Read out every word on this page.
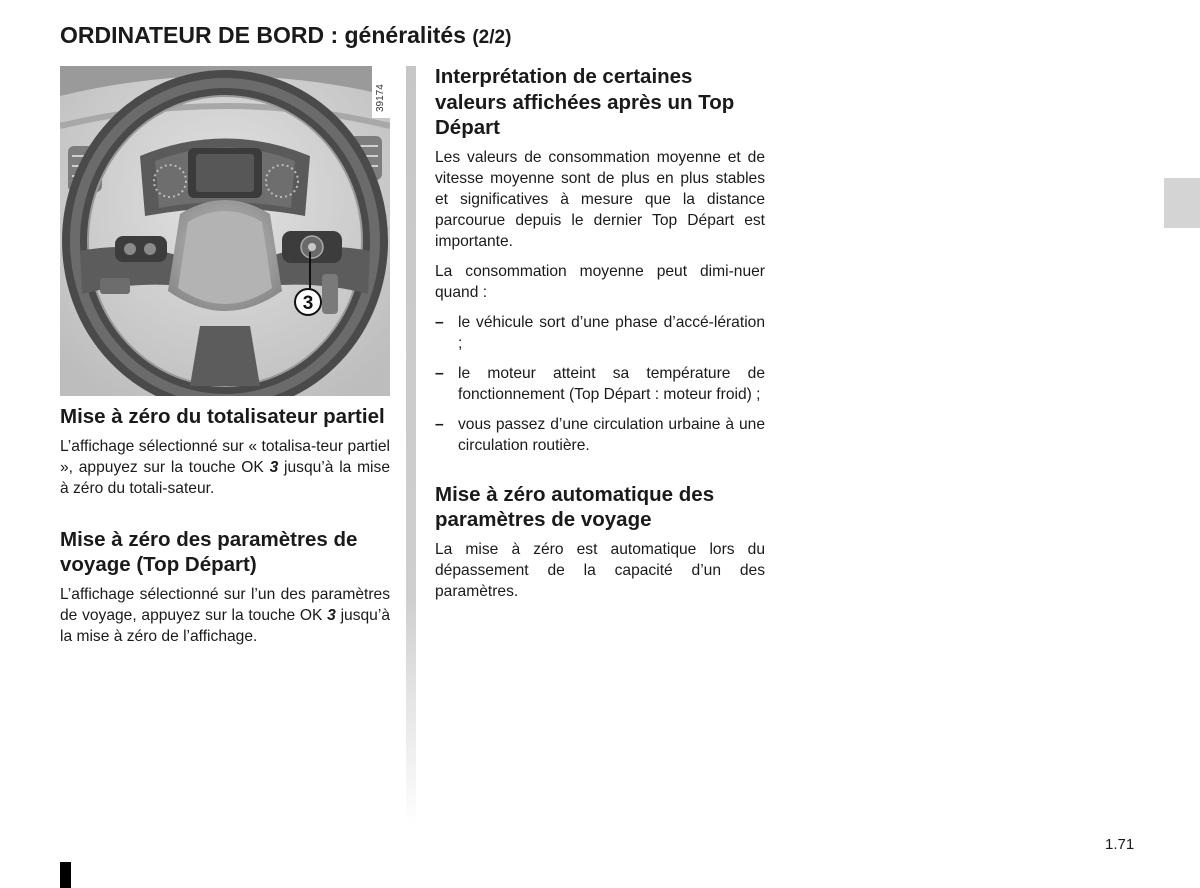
ORDINATEUR DE BORD : généralités (2/2)
3
39174
Mise à zéro du totalisateur partiel

L’affichage sélectionné sur « totalisa-teur partiel », appuyez sur la touche OK 3 jusqu’à la mise à zéro du totali-sateur.

Mise à zéro des paramètres de voyage (Top Départ)

L’affichage sélectionné sur l’un des paramètres de voyage, appuyez sur la touche OK 3 jusqu’à la mise à zéro de l’affichage.

Interprétation de certaines valeurs affichées après un Top Départ

Les valeurs de consommation moyenne et de vitesse moyenne sont de plus en plus stables et significatives à mesure que la distance parcourue depuis le dernier Top Départ est importante.

La consommation moyenne peut dimi-nuer quand :

– le véhicule sort d’une phase d’accé-lération ;
– le moteur atteint sa température de fonctionnement (Top Départ : moteur froid) ;
– vous passez d’une circulation urbaine à une circulation routière.
Mise à zéro automatique des paramètres de voyage

La mise à zéro est automatique lors du dépassement de la capacité d’un des paramètres.

1.71
